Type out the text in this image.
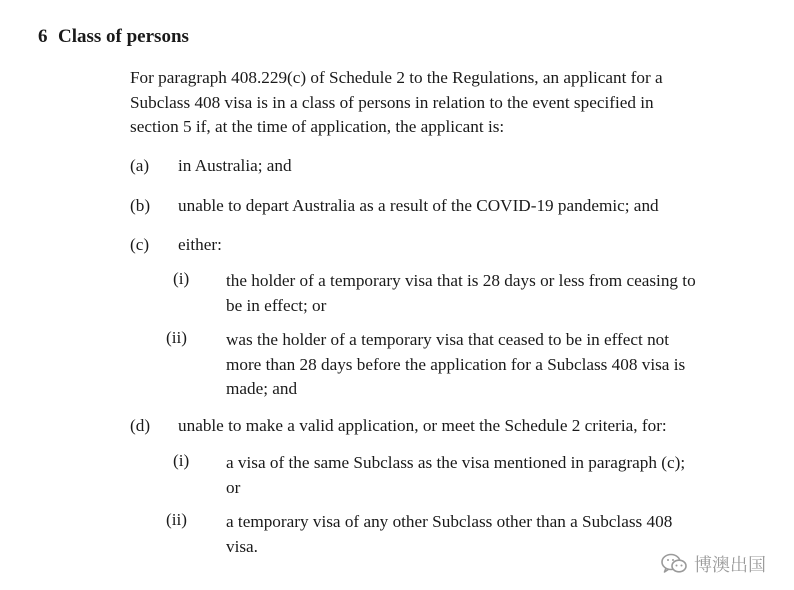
6 Class of persons
For paragraph 408.229(c) of Schedule 2 to the Regulations, an applicant for a
Subclass 408 visa is in a class of persons in relation to the event specified in
section 5 if, at the time of application, the applicant is:
(a) in Australia; and
(b) unable to depart Australia as a result of the COVID-19 pandemic; and
(c) either:
(i) the holder of a temporary visa that is 28 days or less from ceasing to
be in effect; or
(ii) was the holder of a temporary visa that ceased to be in effect not
more than 28 days before the application for a Subclass 408 visa is
made; and
(d) unable to make a valid application, or meet the Schedule 2 criteria, for:
(i) a visa of the same Subclass as the visa mentioned in paragraph (c);
or
(ii) a temporary visa of any other Subclass other than a Subclass 408
visa.
博澳出国
